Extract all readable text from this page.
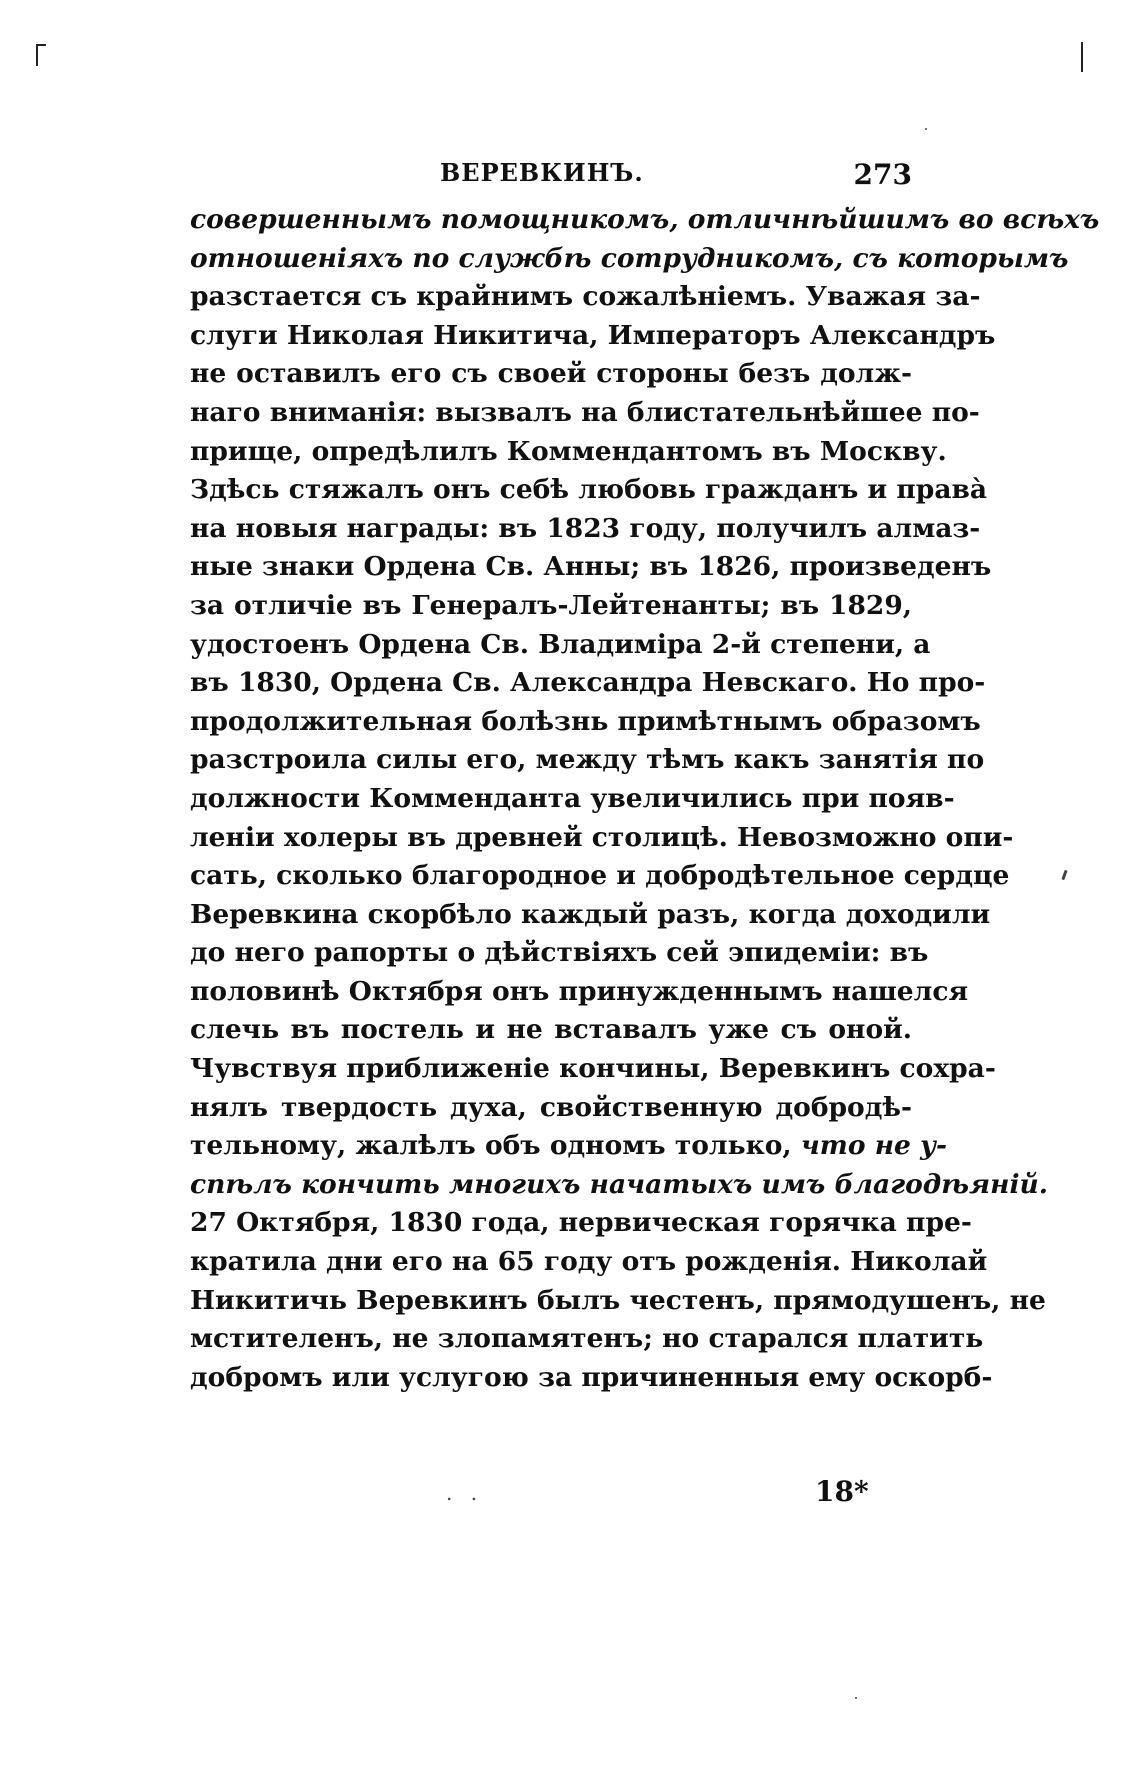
ВЕРЕВКИНЪ.	273
совершеннымъ помощникомъ, отличнѣйшимъ во всѣхъ
отношеніяхъ по службѣ сотрудникомъ, съ которымъ
разстается съ крайнимъ сожалѣніемъ. Уважая за-
слуги Николая Никитича, Императоръ Александръ
не оставилъ его съ своей стороны безъ долж-
наго вниманія: вызвалъ на блистательнѣйшее по-
прище, опредѣлилъ Коммендантомъ въ Москву.
Здѣсь стяжалъ онъ себѣ любовь гражданъ и правà
на новыя награды: въ 1823 году, получилъ алмаз-
ные знаки Ордена Св. Анны; въ 1826, произведенъ
за отличіе въ Генералъ-Лейтенанты; въ 1829,
удостоенъ Ордена Св. Владиміра 2-й степени, а
въ 1830, Ордена Св. Александра Невскаго. Но про-
продолжительная болѣзнь примѣтнымъ образомъ
разстроила силы его, между тѣмъ какъ занятія по
должности Комменданта увеличились при появ-
леніи холеры въ древней столицѣ. Невозможно опи-
сать, сколько благородное и добродѣтельное сердце
Веревкина скорбѣло каждый разъ, когда доходили
до него рапорты о дѣйствіяхъ сей эпидеміи: въ
половинѣ Октября онъ принужденнымъ нашелся
слечь въ постель и не вставалъ уже съ оной.
Чувствуя приближеніе кончины, Веревкинъ сохра-
нялъ твердость духа, свойственную добродѣ-
тельному, жалѣлъ объ одномъ только, что не у-
спѣлъ кончить многихъ начатыхъ имъ благодѣяній.
27 Октября, 1830 года, нервическая горячка пре-
кратила дни его на 65 году отъ рожденія. Николай
Никитичь Веревкинъ былъ честенъ, прямодушенъ, не
мстителенъ, не злопамятенъ; но старался платить
добромъ или услугою за причиненныя ему оскорб-
. .	18*
